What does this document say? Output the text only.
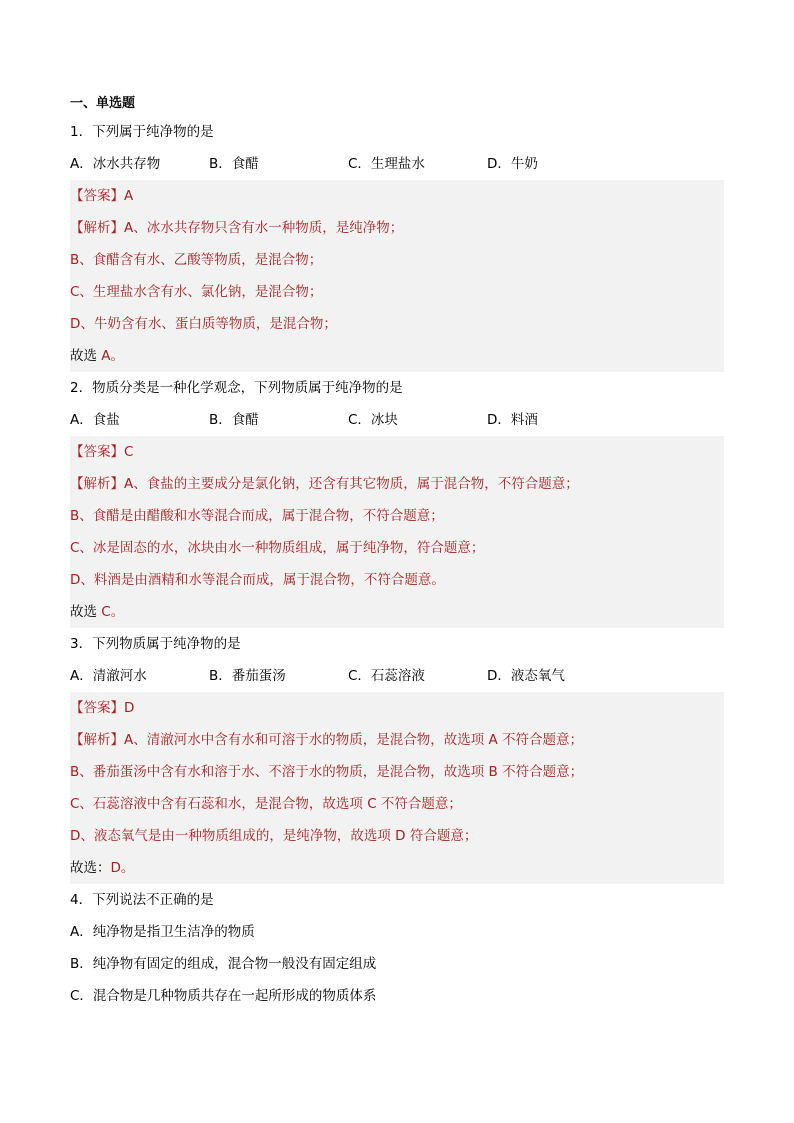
一、单选题
1．下列属于纯净物的是
A．冰水共存物	B．食醋	C．生理盐水	D．牛奶
【答案】A
【解析】A、冰水共存物只含有水一种物质，是纯净物；
B、食醋含有水、乙酸等物质，是混合物；
C、生理盐水含有水、氯化钠，是混合物；
D、牛奶含有水、蛋白质等物质，是混合物；
故选 A。
2．物质分类是一种化学观念，下列物质属于纯净物的是
A．食盐	B．食醋	C．冰块	D．料酒
【答案】C
【解析】A、食盐的主要成分是氯化钠，还含有其它物质，属于混合物，不符合题意；
B、食醋是由醋酸和水等混合而成，属于混合物，不符合题意；
C、冰是固态的水，冰块由水一种物质组成，属于纯净物，符合题意；
D、料酒是由酒精和水等混合而成，属于混合物，不符合题意。
故选 C。
3．下列物质属于纯净物的是
A．清澈河水	B．番茄蛋汤	C．石蕊溶液	D．液态氧气
【答案】D
【解析】A、清澈河水中含有水和可溶于水的物质，是混合物，故选项 A 不符合题意；
B、番茄蛋汤中含有水和溶于水、不溶于水的物质，是混合物，故选项 B 不符合题意；
C、石蕊溶液中含有石蕊和水，是混合物，故选项 C 不符合题意；
D、液态氧气是由一种物质组成的，是纯净物，故选项 D 符合题意；
故选：D。
4．下列说法不正确的是
A．纯净物是指卫生洁净的物质
B．纯净物有固定的组成，混合物一般没有固定组成
C．混合物是几种物质共存在一起所形成的物质体系
